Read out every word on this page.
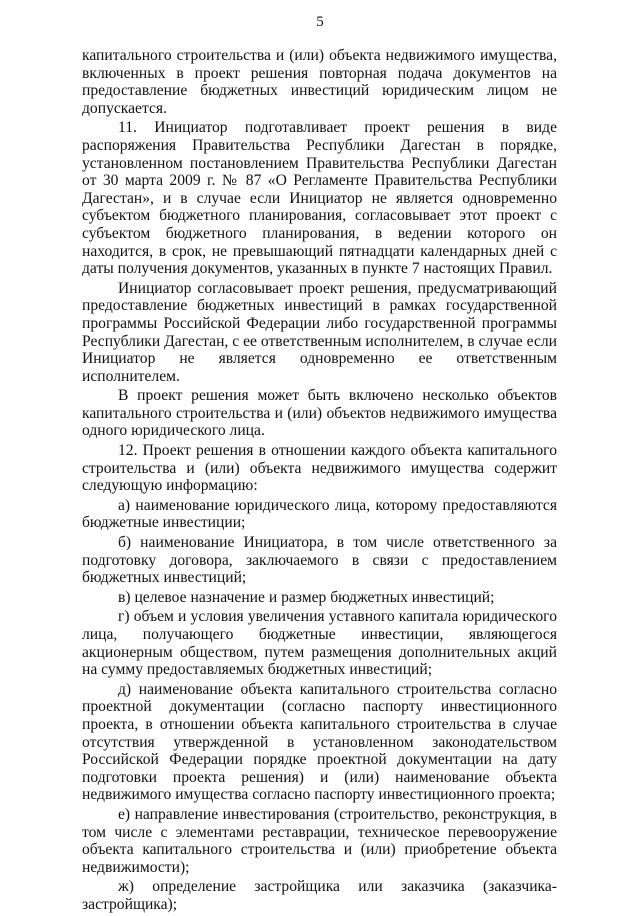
5

капитального строительства и (или) объекта недвижимого имущества, включенных в проект решения повторная подача документов на предоставление бюджетных инвестиций юридическим лицом не допускается.

11. Инициатор подготавливает проект решения в виде распоряжения Правительства Республики Дагестан в порядке, установленном постановлением Правительства Республики Дагестан от 30 марта 2009 г. № 87 «О Регламенте Правительства Республики Дагестан», и в случае если Инициатор не является одновременно субъектом бюджетного планирования, согласовывает этот проект с субъектом бюджетного планирования, в ведении которого он находится, в срок, не превышающий пятнадцати календарных дней с даты получения документов, указанных в пункте 7 настоящих Правил.

Инициатор согласовывает проект решения, предусматривающий предоставление бюджетных инвестиций в рамках государственной программы Российской Федерации либо государственной программы Республики Дагестан, с ее ответственным исполнителем, в случае если Инициатор не является одновременно ее ответственным исполнителем.

В проект решения может быть включено несколько объектов капитального строительства и (или) объектов недвижимого имущества одного юридического лица.

12. Проект решения в отношении каждого объекта капитального строительства и (или) объекта недвижимого имущества содержит следующую информацию:

а) наименование юридического лица, которому предоставляются бюджетные инвестиции;

б) наименование Инициатора, в том числе ответственного за подготовку договора, заключаемого в связи с предоставлением бюджетных инвестиций;

в) целевое назначение и размер бюджетных инвестиций;

г) объем и условия увеличения уставного капитала юридического лица, получающего бюджетные инвестиции, являющегося акционерным обществом, путем размещения дополнительных акций на сумму предоставляемых бюджетных инвестиций;

д) наименование объекта капитального строительства согласно проектной документации (согласно паспорту инвестиционного проекта, в отношении объекта капитального строительства в случае отсутствия утвержденной в установленном законодательством Российской Федерации порядке проектной документации на дату подготовки проекта решения) и (или) наименование объекта недвижимого имущества согласно паспорту инвестиционного проекта;

е) направление инвестирования (строительство, реконструкция, в том числе с элементами реставрации, техническое перевооружение объекта капитального строительства и (или) приобретение объекта недвижимости);

ж) определение застройщика или заказчика (заказчика-застройщика);
